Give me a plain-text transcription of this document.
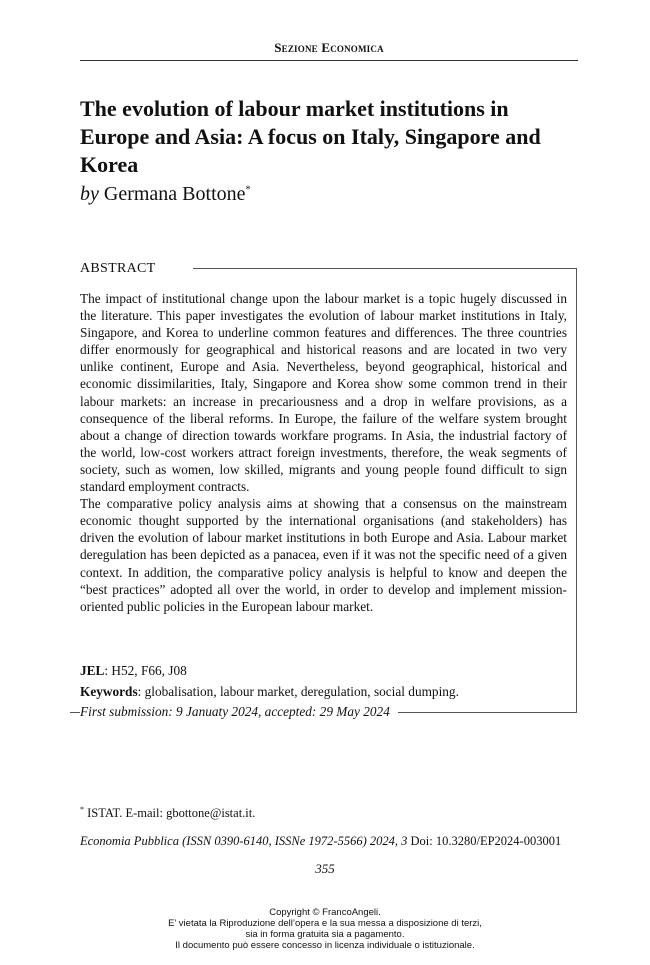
Sezione Economica
The evolution of labour market institutions in Europe and Asia: A focus on Italy, Singapore and Korea
by Germana Bottone*
ABSTRACT

The impact of institutional change upon the labour market is a topic hugely discussed in the literature. This paper investigates the evolution of labour market institutions in Italy, Singapore, and Korea to underline common features and differences. The three countries differ enormously for geographical and historical reasons and are located in two very unlike continent, Europe and Asia. Nevertheless, beyond geographical, historical and economic dissimilarities, Italy, Singapore and Korea show some common trend in their labour markets: an increase in precariousness and a drop in welfare provisions, as a consequence of the liberal reforms. In Europe, the failure of the welfare system brought about a change of direction towards workfare programs. In Asia, the industrial factory of the world, low-cost workers attract foreign investments, therefore, the weak segments of society, such as women, low skilled, migrants and young people found difficult to sign standard employment contracts.

The comparative policy analysis aims at showing that a consensus on the mainstream economic thought supported by the international organisations (and stakeholders) has driven the evolution of labour market institutions in both Europe and Asia. Labour market deregulation has been depicted as a panacea, even if it was not the specific need of a given context. In addition, the comparative policy analysis is helpful to know and deepen the “best practices” adopted all over the world, in order to develop and implement mission-oriented public policies in the European labour market.

JEL: H52, F66, J08
Keywords: globalisation, labour market, deregulation, social dumping.
First submission: 9 Januaty 2024, accepted: 29 May 2024
* ISTAT. E-mail: gbottone@istat.it.
Economia Pubblica (ISSN 0390-6140, ISSNe 1972-5566) 2024, 3 Doi: 10.3280/EP2024-003001
355
Copyright © FrancoAngeli.
E’ vietata la Riproduzione dell’opera e la sua messa a disposizione di terzi,
sia in forma gratuita sia a pagamento.
Il documento può essere concesso in licenza individuale o istituzionale.
